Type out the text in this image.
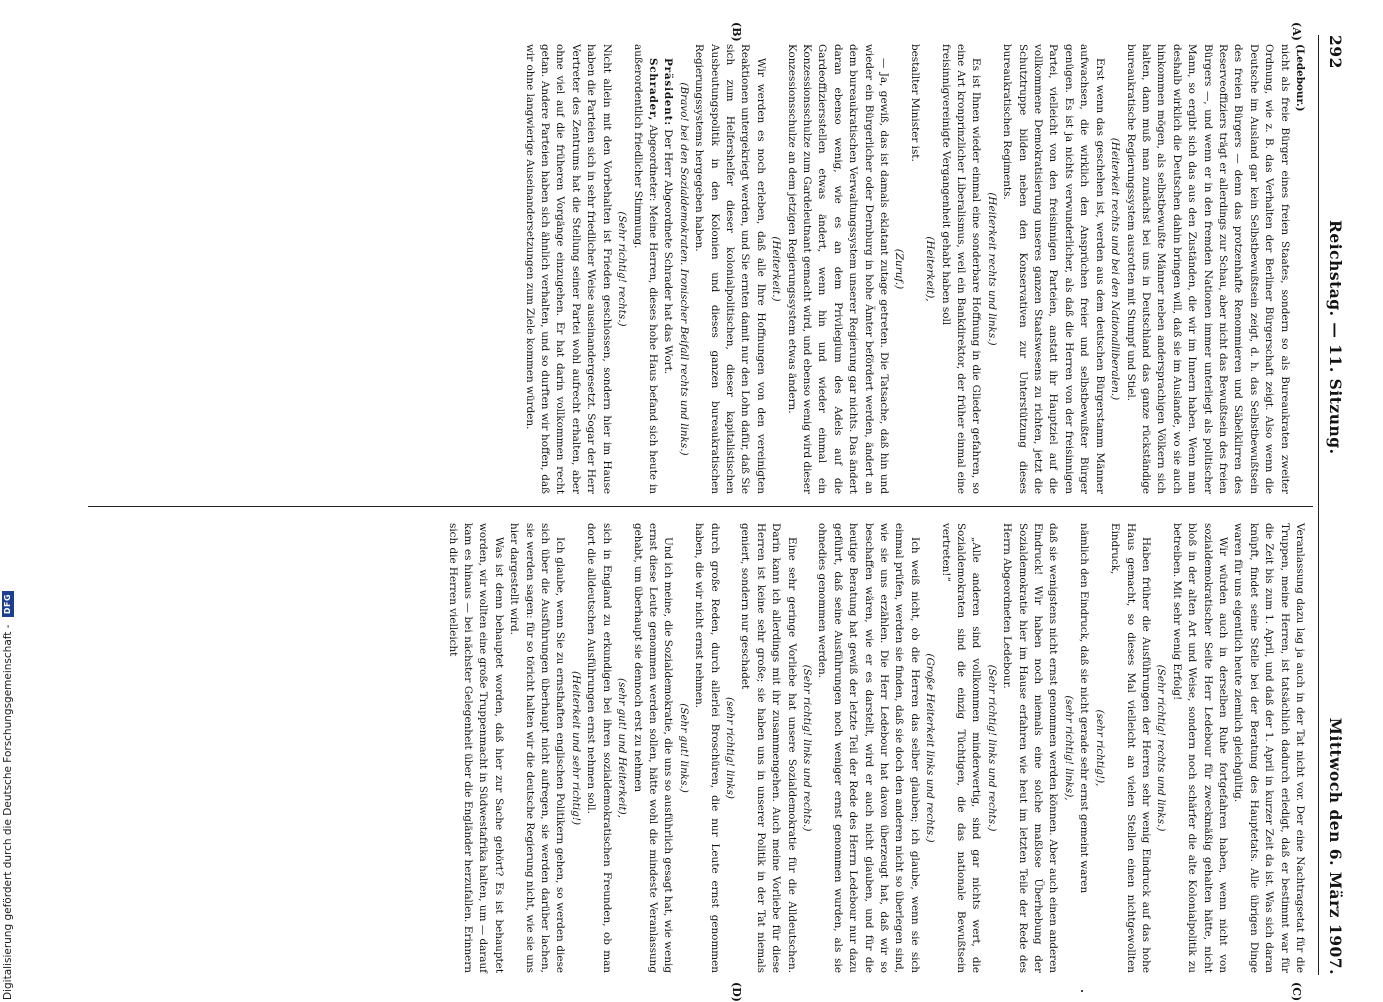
292
Reichstag. — 11. Sitzung.
Mittwoch den 6. März 1907.
(A)
(B)
(C)
(D)

(Ledebour.)

nicht als freie Bürger eines freien Staates, sondern so als Bureaukraten zweiter Ordnung, wie z. B. das Verhalten der Berliner Bürgerschaft zeigt. Also wenn die Deutsche im Ausland gar kein Selbstbewußtsein zeigt, d. h. das Selbstbewußtsein des freien Bürgers — denn das protzenhafte Renommieren und Säbelklirren des Reserveoffiziers trägt er allerdings zur Schau, aber nicht das Bewußtsein des freien Bürgers —, und wenn er in den fremden Nationen immer unterliegt als politischer Mann, so ergibt sich das aus den Zuständen, die wir im Innern haben. Wenn man deshalb wirklich die Deutschen dahin bringen will, daß sie im Auslande, wo sie auch hinkommen mögen, als selbstbewußte Männer neben andersprachigen Völkern sich halten, dann muß man zunächst bei uns in Deutschland das ganze rückständige bureaukratische Regierungssystem ausrotten mit Stumpf und Stiel.

(Heiterkeit rechts und bei den Nationalliberalen.)

Erst wenn das geschehen ist, werden aus dem deutschen Bürgerstamm Männer aufwachsen, die wirklich den Ansprüchen freier und selbstbewußter Bürger genügen. Es ist ja nichts verwunderlicher, als daß die Herren von der freisinnigen Partei, vielleicht von den freisinnigen Parteien, anstatt ihr Hauptziel auf die vollkommene Demokratisierung unseres ganzen Staatswesens zu richten, jetzt die Schutztruppe bilden neben den Konservativen zur Unterstützung dieses bureaukratischen Regiments.

(Heiterkeit rechts und links.)

Es ist Ihnen wieder einmal eine sonderbare Hoffnung in die Glieder gefahren, so eine Art kronprinzlicher Liberalismus, weil ein Bankdirektor, der früher einmal eine freisinnigvereinigte Vergangenheit gehabt haben soll

(Heiterkeit),

bestallter Minister ist.

(Zuruf.)

— Ja, gewiß, das ist damals eklatant zutage getreten. Die Tatsache, daß hin und wieder ein Bürgerlicher oder Dernburg in hohe Ämter befördert werden, ändert an dem bureaukratischen Verwaltungssystem unserer Regierung gar nichts. Das ändert daran ebenso wenig, wie es an dem Privilegium des Adels auf die Gardeoffiziersstellen etwas ändert, wenn hin und wieder einmal ein Konzessionsschulze zum Gardeleutnant gemacht wird, und ebenso wenig wird dieser Konzessionsschulze an dem jetzigen Regierungssystem etwas ändern.

(Heiterkeit.)

Wir werden es noch erleben, daß alle Ihre Hoffnungen von den vereinigten Reaktionen untergekriegt werden, und Sie ernten damit nur den Lohn dafür, daß Sie sich zum Helfershelfer dieser kolonialpolitischen, dieser kapitalistischen Ausbeutungspolitik in den Kolonien und dieses ganzen bureaukratischen Regierungssystems hergegeben haben.

(Bravo! bei den Sozialdemokraten. Ironischer Beifall rechts und links.)

Präsident: Der Herr Abgeordnete Schrader hat das Wort.

Schrader, Abgeordneter: Meine Herren, dieses hohe Haus befand sich heute in außerordentlich friedlicher Stimmung.

(Sehr richtig! rechts.)

Nicht allein mit den Vorbehalten ist Frieden geschlossen, sondern hier im Hause haben die Parteien sich in sehr friedlicher Weise auseinandergesetzt. Sogar der Herr Vertreter des Zentrums hat die Stellung seiner Partei wohl aufrecht erhalten, aber ohne viel auf die früheren Vorgänge einzugehen. Er hat darin vollkommen recht getan. Andere Parteien haben sich ähnlich verhalten, und so durften wir hoffen, daß wir ohne langwierige Auseinandersetzungen zum Ziele kommen würden.

Veranlassung dazu lag ja auch in der Tat nicht vor. Der eine Nachtragsetat für die Truppen, meine Herren, ist tatsächlich dadurch erledigt, daß er bestimmt war für die Zeit bis zum 1. April, und daß der 1. April in kurzer Zeit da ist. Was sich daran knüpft, findet seine Stelle bei der Beratung des Hauptetats. Alle übrigen Dinge waren für uns eigentlich heute ziemlich gleichgültig.

Wir würden auch in derselben Ruhe fortgefahren haben, wenn nicht von sozialdemokratischer Seite Herr Ledebour für zweckmäßig gehalten hätte, nicht bloß in der alten Art und Weise, sondern noch schärfer die alte Kolonialpolitik zu betreiben. Mit sehr wenig Erfolg!

(Sehr richtig! rechts und links.)

Haben früher die Ausführungen der Herren sehr wenig Eindruck auf das hohe Haus gemacht, so dieses Mal vielleicht an vielen Stellen einen nichtgewollten Eindruck,

(sehr richtig!),

nämlich den Eindruck, daß sie nicht gerade sehr ernst gemeint waren

(sehr richtig! links),

daß sie wenigstens nicht ernst genommen werden können. Aber auch einen anderen Eindruck! Wir haben noch niemals eine solche maßlose Überhebung der Sozialdemokratie hier im Hause erfahren wie heut im letzten Teile der Rede des Herrn Abgeordneten Ledebour.

(Sehr richtig! links und rechts.)

„Alle anderen sind vollkommen minderwertig, sind gar nichts wert, die Sozialdemokraten sind die einzig Tüchtigen, die das nationale Bewußtsein vertreten!“

(Große Heiterkeit links und rechts.)

Ich weiß nicht, ob die Herren das selber glauben; ich glaube, wenn sie sich einmal prüfen, werden sie finden, daß sie doch den anderen nicht so überlegen sind, wie sie uns erzählen. Die Herr Ledebour hat davon überzeugt hat, daß wir so beschaffen wären, wie er es darstellt, wird er auch nicht glauben, und für die heutige Beratung hat gewiß der letzte Teil der Rede des Herrn Ledebour nur dazu geführt, daß seine Ausführungen noch weniger ernst genommen wurden, als sie ohnedies genommen werden.

(Sehr richtig! links und rechts.)

Eine sehr geringe Vorliebe hat unsere Sozialdemokratie für die Alldeutschen. Darin kann ich allerdings mit ihr zusammengehen. Auch meine Vorliebe für diese Herren ist keine sehr große; sie haben uns in unserer Politik in der Tat niemals geniert, sondern nur geschadet

(sehr richtig! links)

durch große Reden, durch allerlei Broschüren, die nur Leute ernst genommen haben, die wir nicht ernst nehmen.

(Sehr gut! links.)

Und ich meine, die Sozialdemokratie, die uns so ausführlich gesagt hat, wie wenig ernst diese Leute genommen werden sollen, hätte wohl die mindeste Veranlassung gehabt, um überhaupt sie dennoch erst zu nehmen

(sehr gut! und Heiterkeit),

sich in England zu erkundigen bei ihren sozialdemokratischen Freunden, ob man dort die alldeutschen Ausführungen ernst nehmen soll.

(Heiterkeit und sehr richtig!)

Ich glaube, wenn Sie zu ernsthaften englischen Politikern gehen, so werden diese sich über die Ausführungen überhaupt nicht aufregen, sie werden darüber lachen, sie werden sagen: für so töricht halten wir die deutsche Regierung nicht, wie sie uns hier dargestellt wird.

Was ist denn behauptet worden, daß hier zur Sache gehört? Es ist behauptet worden, wir wollten eine große Truppenmacht in Südwestafrika halten, um — darauf kam es hinaus — bei nächster Gelegenheit über die Engländer herzufallen. Erinnern sich die Herren vielleicht

Digitalisierung gefördert durch die Deutsche Forschungsgemeinschaft - DFG
